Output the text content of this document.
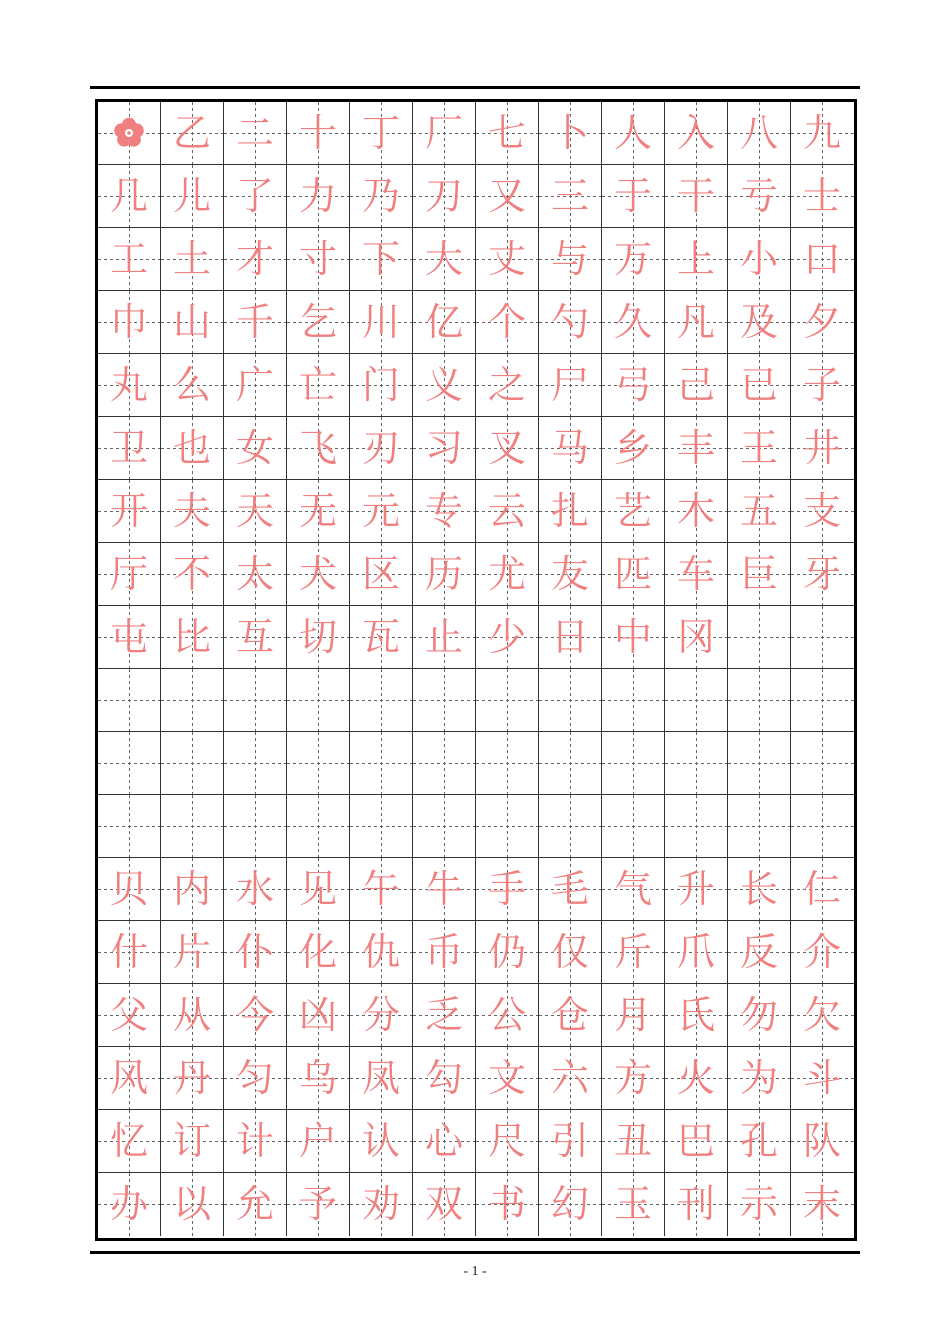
乙 二 十 丁 厂 七 卜 人 入 八 九
几 儿 了 力 乃 刀 又 三 于 干 亏 士
工 土 才 寸 下 大 丈 与 万 上 小 口
巾 山 千 乞 川 亿 个 勺 久 凡 及 夕
丸 么 广 亡 门 义 之 尸 弓 己 已 子
卫 也 女 飞 刃 习 叉 马 乡 丰 王 井
开 夫 天 无 元 专 云 扎 艺 木 五 支
厅 不 太 犬 区 历 尤 友 匹 车 巨 牙
屯 比 互 切 瓦 止 少 日 中 冈
贝 内 水 见 午 牛 手 毛 气 升 长 仁
什 片 仆 化 仇 币 仍 仅 斤 爪 反 介
父 从 今 凶 分 乏 公 仓 月 氏 勿 欠
风 丹 匀 乌 凤 勾 文 六 方 火 为 斗
忆 订 计 户 认 心 尺 引 丑 巴 孔 队
办 以 允 予 劝 双 书 幻 玉 刊 示 末
- 1 -
